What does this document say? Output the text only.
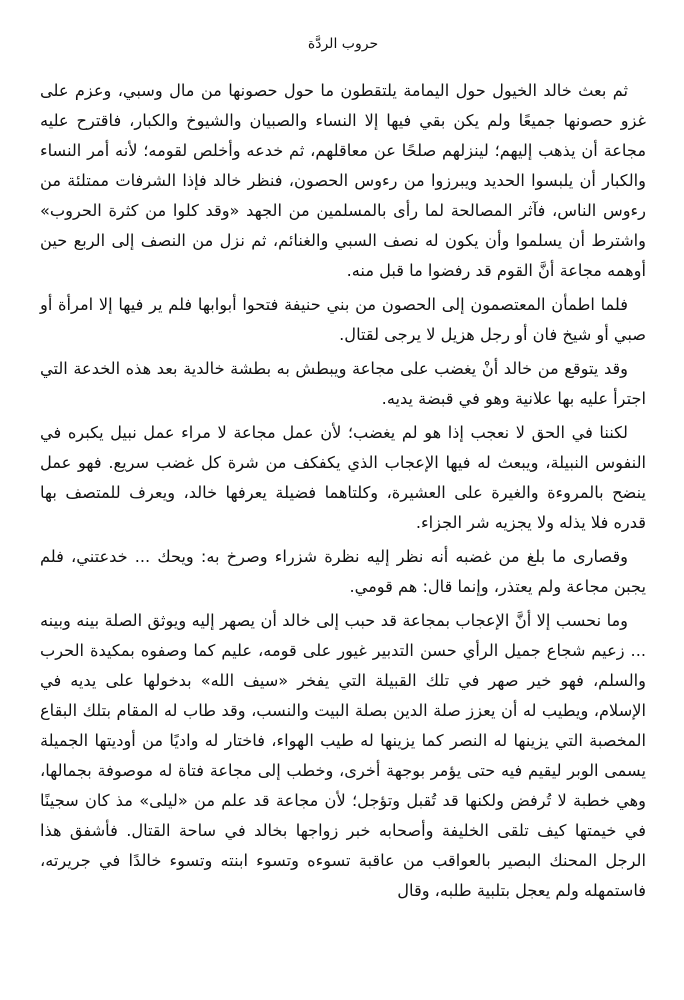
حروب الردَّة

ثم بعث خالد الخيول حول اليمامة يلتقطون ما حول حصونها من مال وسبي، وعزم على غزو حصونها جميعًا ولم يكن بقي فيها إلا النساء والصبيان والشيوخ والكبار، فاقترح عليه مجاعة أن يذهب إليهم؛ لينزلهم صلحًا عن معاقلهم، ثم خدعه وأخلص لقومه؛ لأنه أمر النساء والكبار أن يلبسوا الحديد ويبرزوا من رءوس الحصون، فنظر خالد فإذا الشرفات ممتلئة من رءوس الناس، فآثر المصالحة لما رأى بالمسلمين من الجهد «وقد كلوا من كثرة الحروب» واشترط أن يسلموا وأن يكون له نصف السبي والغنائم، ثم نزل من النصف إلى الربع حين أوهمه مجاعة أنَّ القوم قد رفضوا ما قبل منه.

فلما اطمأن المعتصمون إلى الحصون من بني حنيفة فتحوا أبوابها فلم ير فيها إلا امرأة أو صبي أو شيخ فان أو رجل هزيل لا يرجى لقتال.

وقد يتوقع من خالد أنْ يغضب على مجاعة ويبطش به بطشة خالدية بعد هذه الخدعة التي اجترأ عليه بها علانية وهو في قبضة يديه.

لكننا في الحق لا نعجب إذا هو لم يغضب؛ لأن عمل مجاعة لا مراء عمل نبيل يكبره في النفوس النبيلة، ويبعث له فيها الإعجاب الذي يكفكف من شرة كل غضب سريع. فهو عمل ينضح بالمروءة والغيرة على العشيرة، وكلتاهما فضيلة يعرفها خالد، ويعرف للمتصف بها قدره فلا يذله ولا يجزيه شر الجزاء.

وقصارى ما بلغ من غضبه أنه نظر إليه نظرة شزراء وصرخ به: ويحك ... خدعتني، فلم يجبن مجاعة ولم يعتذر، وإنما قال: هم قومي.

وما نحسب إلا أنَّ الإعجاب بمجاعة قد حبب إلى خالد أن يصهر إليه ويوثق الصلة بينه وبينه ... زعيم شجاع جميل الرأي حسن التدبير غيور على قومه، عليم كما وصفوه بمكيدة الحرب والسلم، فهو خير صهر في تلك القبيلة التي يفخر «سيف الله» بدخولها على يديه في الإسلام، ويطيب له أن يعزز صلة الدين بصلة البيت والنسب، وقد طاب له المقام بتلك البقاع المخصبة التي يزينها له النصر كما يزينها له طيب الهواء، فاختار له واديًا من أوديتها الجميلة يسمى الوبر ليقيم فيه حتى يؤمر بوجهة أخرى، وخطب إلى مجاعة فتاة له موصوفة بجمالها، وهي خطبة لا تُرفض ولكنها قد تُقبل وتؤجل؛ لأن مجاعة قد علم من «ليلى» مذ كان سجينًا في خيمتها كيف تلقى الخليفة وأصحابه خبر زواجها بخالد في ساحة القتال. فأشفق هذا الرجل المحنك البصير بالعواقب من عاقبة تسوءه وتسوء ابنته وتسوء خالدًا في جريرته، فاستمهله ولم يعجل بتلبية طلبه، وقال
